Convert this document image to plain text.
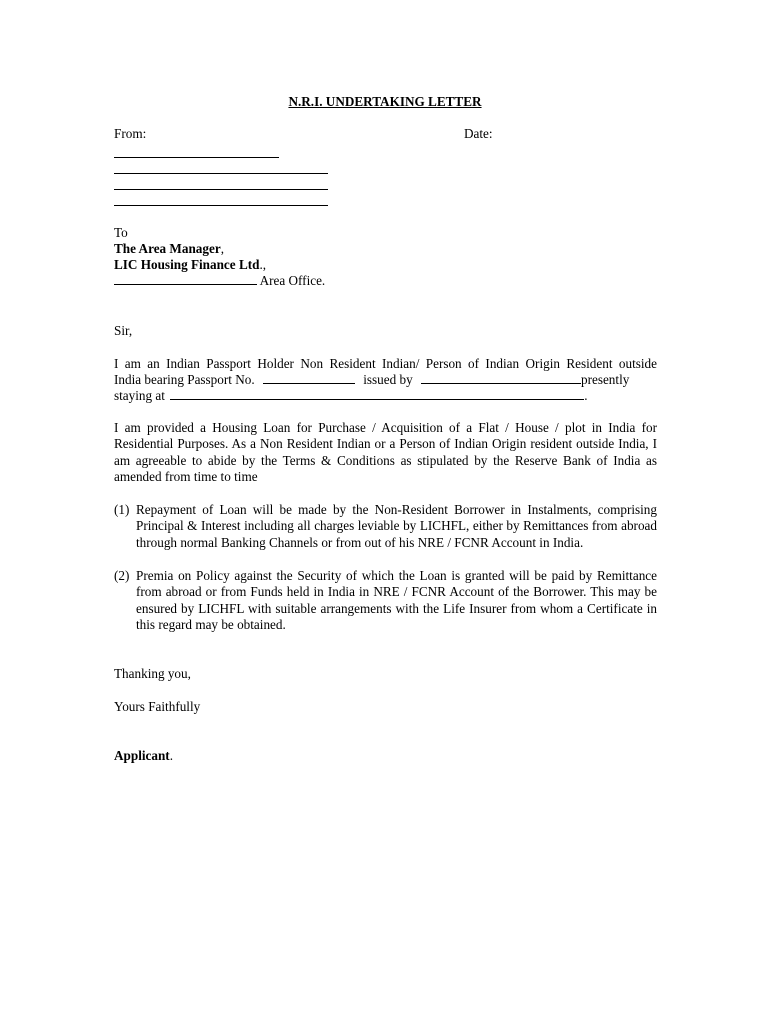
N.R.I. UNDERTAKING LETTER
From:	Date:
To
The Area Manager,
LIC Housing Finance Ltd.,
Area Office.
Sir,
I am an Indian Passport Holder Non Resident Indian/ Person of Indian Origin Resident outside
India bearing Passport No.	issued by	presently
staying at	.
I am provided a Housing Loan for Purchase / Acquisition of a Flat / House / plot in India for Residential Purposes. As a Non Resident Indian or a Person of Indian Origin resident outside India, I am agreeable to abide by the Terms & Conditions as stipulated by the Reserve Bank of India as amended from time to time
(1) Repayment of Loan will be made by the Non-Resident Borrower in Instalments, comprising Principal & Interest including all charges leviable by LICHFL, either by Remittances from abroad through normal Banking Channels or from out of his NRE / FCNR Account in India.
(2) Premia on Policy against the Security of which the Loan is granted will be paid by Remittance from abroad or from Funds held in India in NRE / FCNR Account of the Borrower. This may be ensured by LICHFL with suitable arrangements with the Life Insurer from whom a Certificate in this regard may be obtained.
Thanking you,
Yours Faithfully
Applicant.
